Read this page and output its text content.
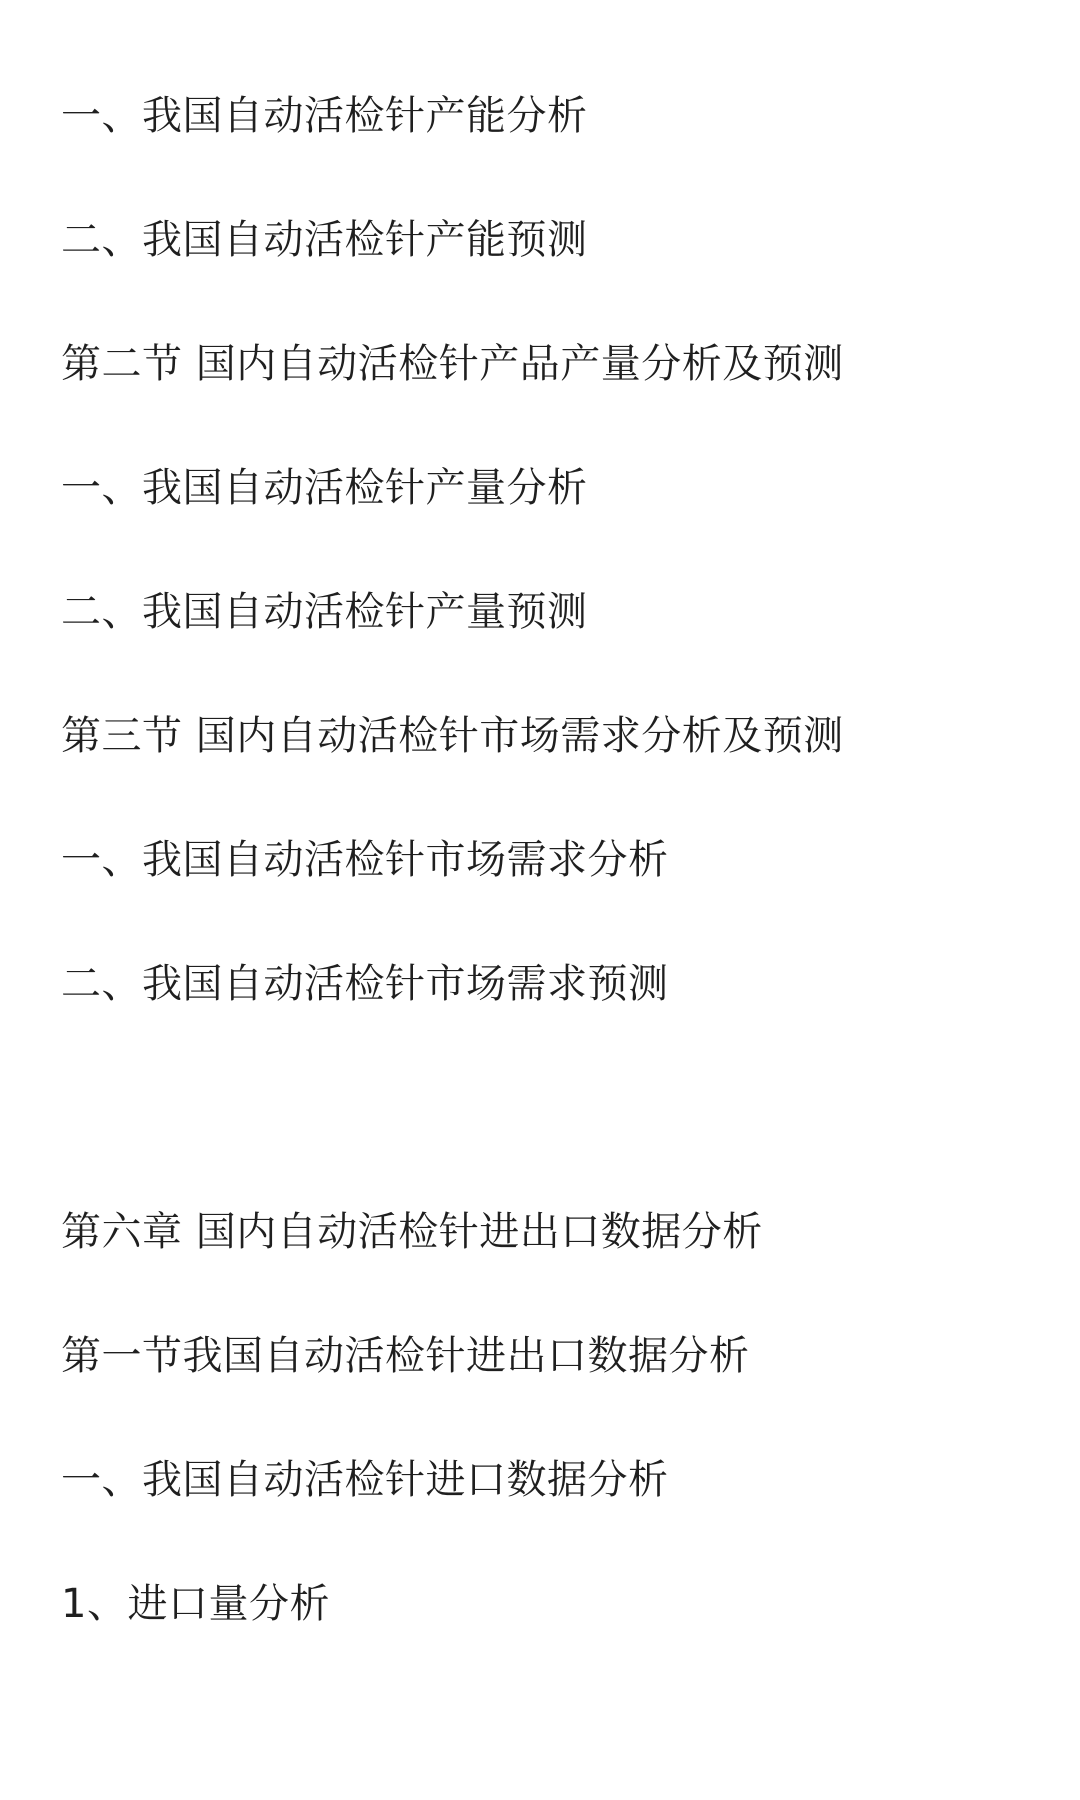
一、我国自动活检针产能分析
二、我国自动活检针产能预测
第二节 国内自动活检针产品产量分析及预测
一、我国自动活检针产量分析
二、我国自动活检针产量预测
第三节 国内自动活检针市场需求分析及预测
一、我国自动活检针市场需求分析
二、我国自动活检针市场需求预测
第六章 国内自动活检针进出口数据分析
第一节我国自动活检针进出口数据分析
一、我国自动活检针进口数据分析
1、进口量分析
